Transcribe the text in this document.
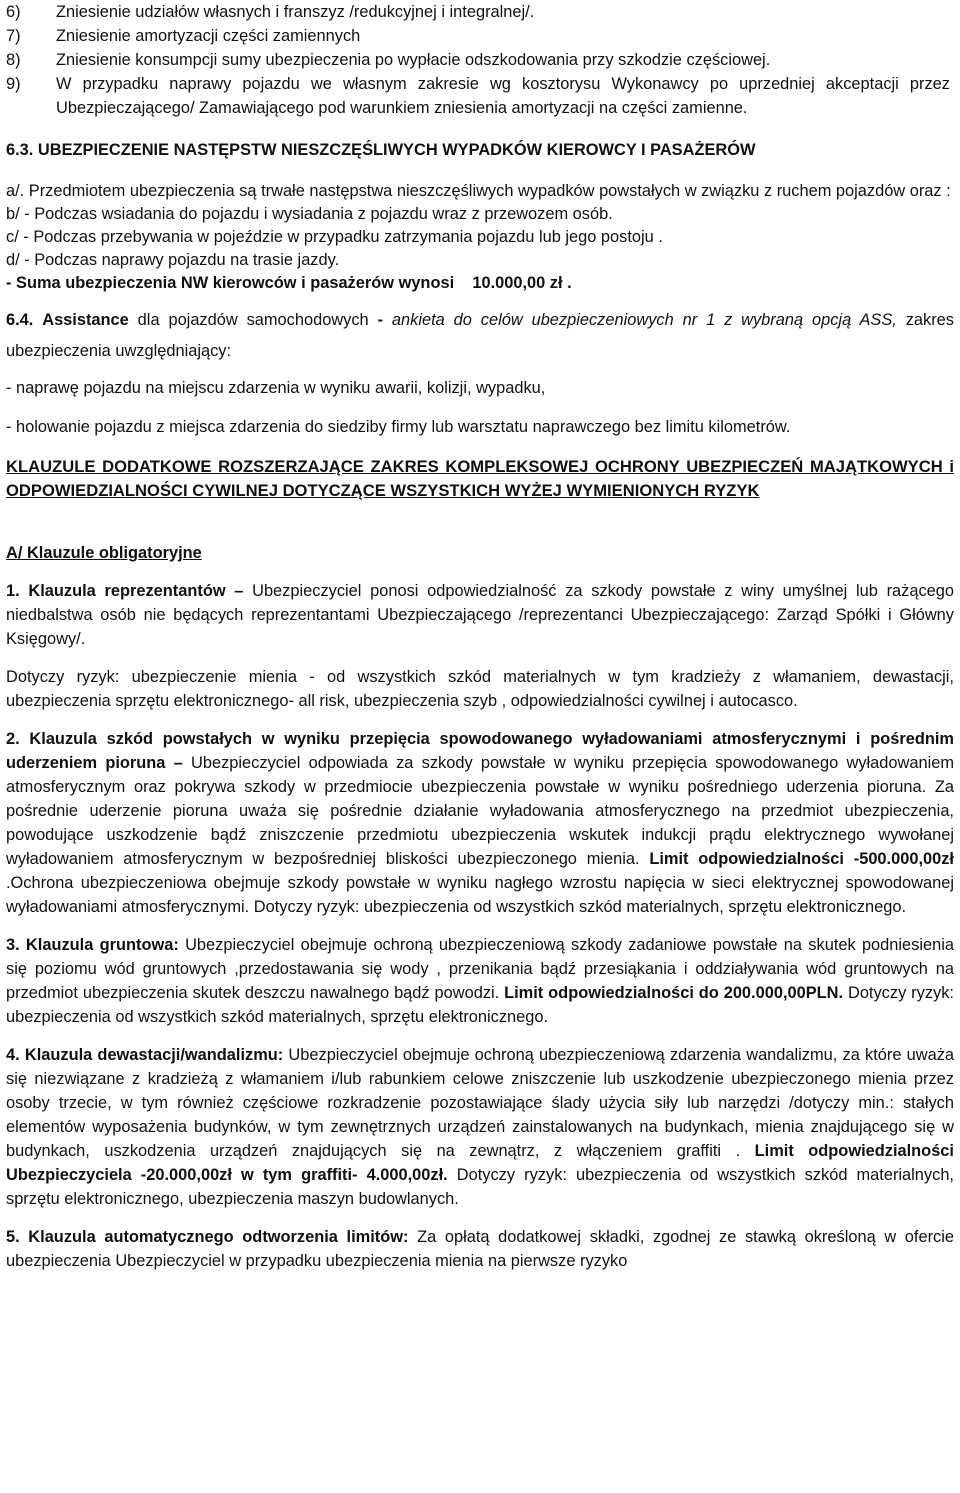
6)	Zniesienie udziałów własnych i franszyz /redukcyjnej i integralnej/.
7)	Zniesienie amortyzacji części zamiennych
8)	Zniesienie konsumpcji sumy ubezpieczenia po wypłacie odszkodowania przy szkodzie częściowej.
9)	W przypadku naprawy pojazdu we własnym zakresie wg kosztorysu Wykonawcy po uprzedniej akceptacji przez Ubezpieczającego/ Zamawiającego pod warunkiem zniesienia amortyzacji na części zamienne.

6.3. UBEZPIECZENIE NASTĘPSTW NIESZCZĘŚLIWYCH WYPADKÓW KIEROWCY I PASAŻERÓW

a/. Przedmiotem ubezpieczenia są trwałe następstwa nieszczęśliwych wypadków powstałych w związku z ruchem pojazdów oraz :

b/ - Podczas wsiadania do pojazdu i wysiadania z pojazdu wraz z przewozem osób.

c/ - Podczas przebywania w pojeździe w przypadku zatrzymania pojazdu lub jego postoju .

d/ - Podczas naprawy pojazdu na trasie jazdy.

- Suma ubezpieczenia NW kierowców i pasażerów wynosi    10.000,00 zł .

6.4. Assistance dla pojazdów samochodowych - ankieta do celów ubezpieczeniowych nr 1 z wybraną opcją ASS, zakres ubezpieczenia uwzględniający:

- naprawę pojazdu na miejscu zdarzenia w wyniku awarii, kolizji, wypadku,

- holowanie pojazdu z miejsca zdarzenia do siedziby firmy lub warsztatu naprawczego bez limitu kilometrów.

KLAUZULE DODATKOWE ROZSZERZAJĄCE ZAKRES KOMPLEKSOWEJ OCHRONY UBEZPIECZEŃ MAJĄTKOWYCH i ODPOWIEDZIALNOŚCI CYWILNEJ DOTYCZĄCE WSZYSTKICH WYŻEJ WYMIENIONYCH RYZYK

A/ Klauzule obligatoryjne

1. Klauzula reprezentantów – Ubezpieczyciel ponosi odpowiedzialność za szkody powstałe z winy umyślnej lub rażącego niedbalstwa osób nie będących reprezentantami Ubezpieczającego /reprezentanci Ubezpieczającego: Zarząd Spółki i Główny Księgowy/.

Dotyczy ryzyk: ubezpieczenie mienia - od wszystkich szkód materialnych w tym kradzieży z włamaniem, dewastacji, ubezpieczenia sprzętu elektronicznego- all risk, ubezpieczenia szyb , odpowiedzialności cywilnej i autocasco.

2. Klauzula szkód powstałych w wyniku przepięcia spowodowanego wyładowaniami atmosferycznymi i pośrednim uderzeniem pioruna – Ubezpieczyciel odpowiada za szkody powstałe w wyniku przepięcia spowodowanego wyładowaniem atmosferycznym oraz pokrywa szkody w przedmiocie ubezpieczenia powstałe w wyniku pośredniego uderzenia pioruna. Za pośrednie uderzenie pioruna uważa się pośrednie działanie wyładowania atmosferycznego na przedmiot ubezpieczenia, powodujące uszkodzenie bądź zniszczenie przedmiotu ubezpieczenia wskutek indukcji prądu elektrycznego wywołanej wyładowaniem atmosferycznym w bezpośredniej bliskości ubezpieczonego mienia. Limit odpowiedzialności -500.000,00zł .Ochrona ubezpieczeniowa obejmuje szkody powstałe w wyniku nagłego wzrostu napięcia w sieci elektrycznej spowodowanej wyładowaniami atmosferycznymi. Dotyczy ryzyk: ubezpieczenia od wszystkich szkód materialnych, sprzętu elektronicznego.

3. Klauzula gruntowa: Ubezpieczyciel obejmuje ochroną ubezpieczeniową szkody zadaniowe powstałe na skutek podniesienia się poziomu wód gruntowych ,przedostawania się wody , przenikania bądź przesiąkania i oddziaływania wód gruntowych na przedmiot ubezpieczenia skutek deszczu nawalnego bądź powodzi. Limit odpowiedzialności do 200.000,00PLN. Dotyczy ryzyk: ubezpieczenia od wszystkich szkód materialnych, sprzętu elektronicznego.

4. Klauzula dewastacji/wandalizmu: Ubezpieczyciel obejmuje ochroną ubezpieczeniową zdarzenia wandalizmu, za które uważa się niezwiązane z kradzieżą z włamaniem i/lub rabunkiem celowe zniszczenie lub uszkodzenie ubezpieczonego mienia przez osoby trzecie, w tym również częściowe rozkradzenie pozostawiające ślady użycia siły lub narzędzi /dotyczy min.: stałych elementów wyposażenia budynków, w tym zewnętrznych urządzeń zainstalowanych na budynkach, mienia znajdującego się w budynkach, uszkodzenia urządzeń znajdujących się na zewnątrz, z włączeniem graffiti . Limit odpowiedzialności Ubezpieczyciela -20.000,00zł w tym graffiti- 4.000,00zł. Dotyczy ryzyk: ubezpieczenia od wszystkich szkód materialnych, sprzętu elektronicznego, ubezpieczenia maszyn budowlanych.

5. Klauzula automatycznego odtworzenia limitów: Za opłatą dodatkowej składki, zgodnej ze stawką określoną w ofercie ubezpieczenia Ubezpieczyciel w przypadku ubezpieczenia mienia na pierwsze ryzyko
